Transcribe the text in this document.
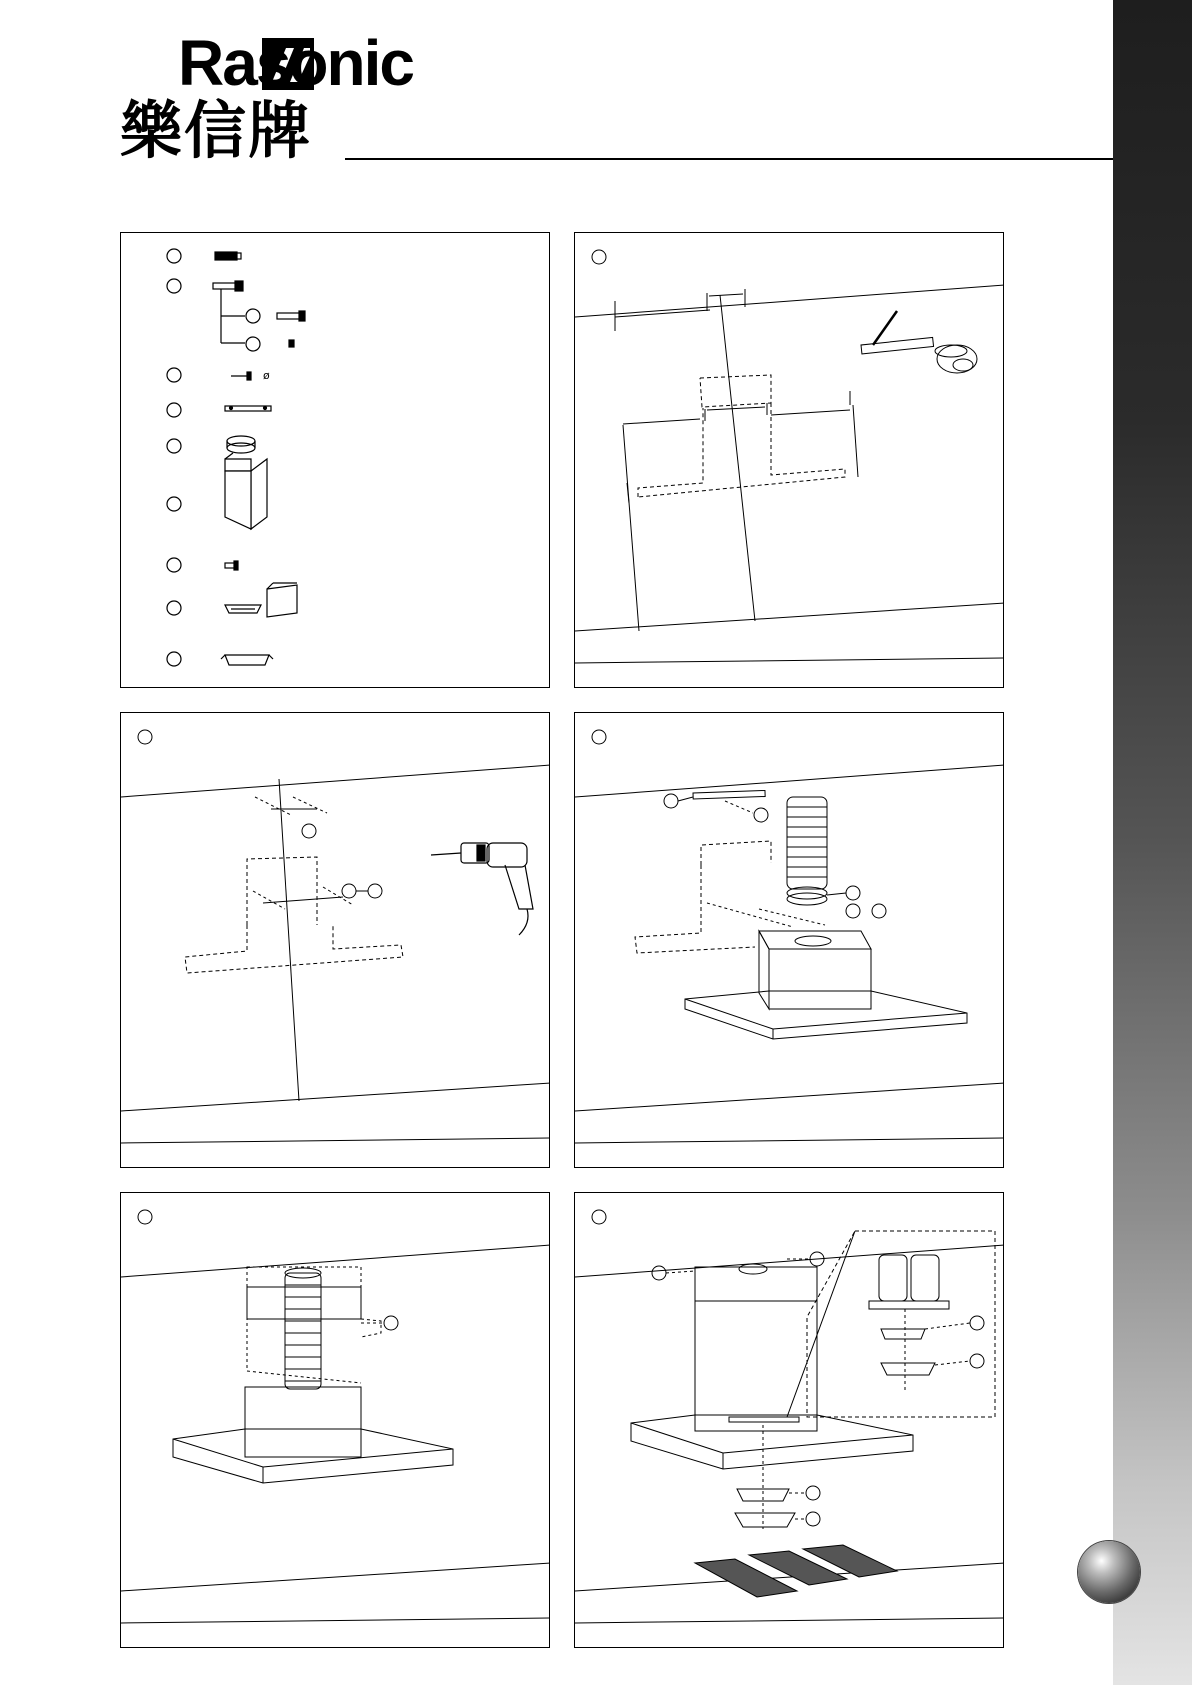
Rasonic
樂信牌
ø
